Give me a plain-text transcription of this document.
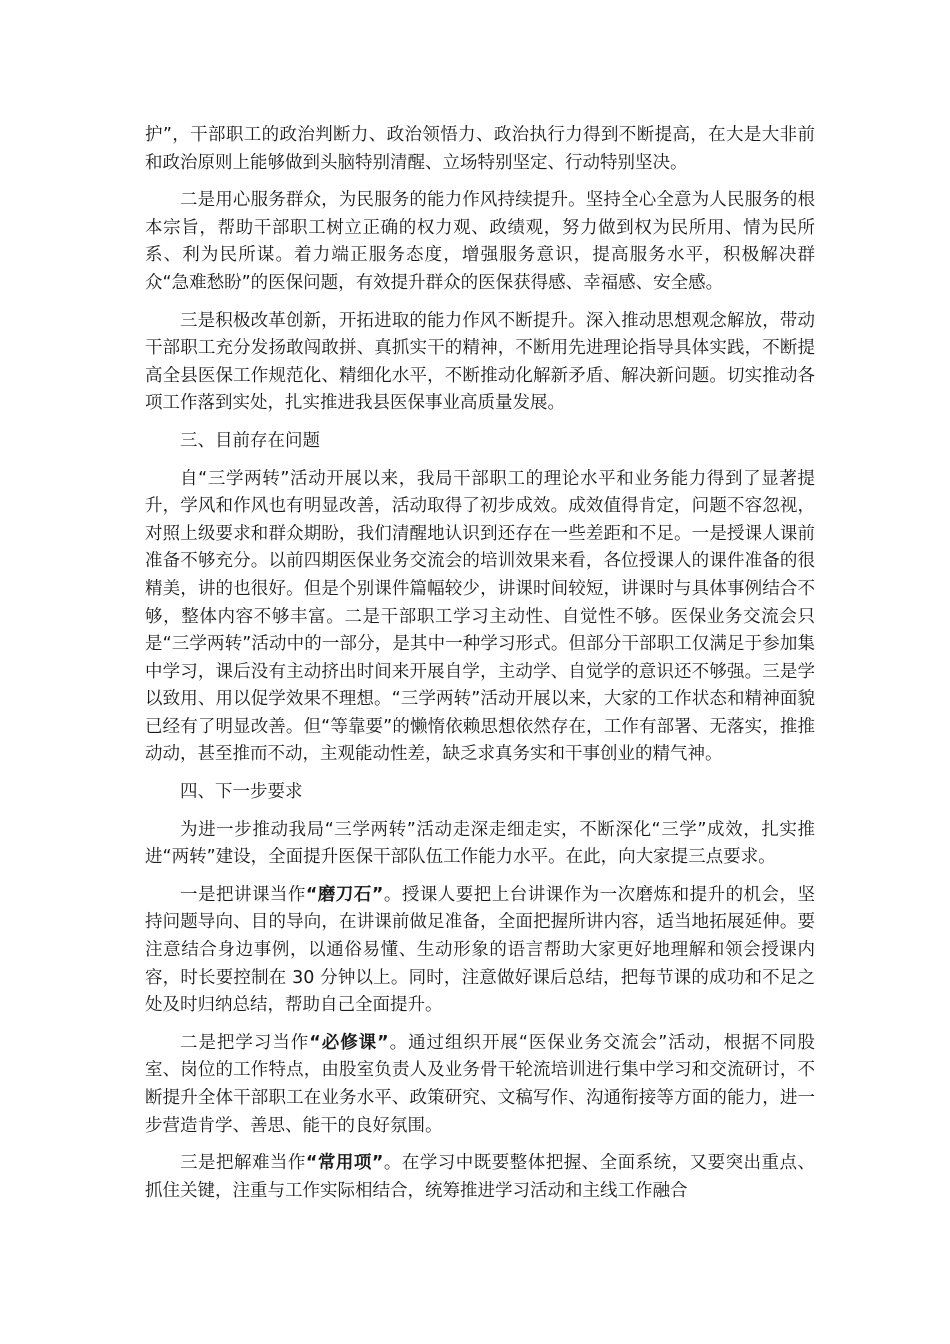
护”，干部职工的政治判断力、政治领悟力、政治执行力得到不断提高，在大是大非前和政治原则上能够做到头脑特别清醒、立场特别坚定、行动特别坚决。

二是用心服务群众，为民服务的能力作风持续提升。坚持全心全意为人民服务的根本宗旨，帮助干部职工树立正确的权力观、政绩观，努力做到权为民所用、情为民所系、利为民所谋。着力端正服务态度，增强服务意识，提高服务水平，积极解决群众“急难愁盼”的医保问题，有效提升群众的医保获得感、幸福感、安全感。

三是积极改革创新，开拓进取的能力作风不断提升。深入推动思想观念解放，带动干部职工充分发扬敢闯敢拼、真抓实干的精神，不断用先进理论指导具体实践，不断提高全县医保工作规范化、精细化水平，不断推动化解新矛盾、解决新问题。切实推动各项工作落到实处，扎实推进我县医保事业高质量发展。

三、目前存在问题

自“三学两转”活动开展以来，我局干部职工的理论水平和业务能力得到了显著提升，学风和作风也有明显改善，活动取得了初步成效。成效值得肯定，问题不容忽视，对照上级要求和群众期盼，我们清醒地认识到还存在一些差距和不足。一是授课人课前准备不够充分。以前四期医保业务交流会的培训效果来看，各位授课人的课件准备的很精美，讲的也很好。但是个别课件篇幅较少，讲课时间较短，讲课时与具体事例结合不够，整体内容不够丰富。二是干部职工学习主动性、自觉性不够。医保业务交流会只是“三学两转”活动中的一部分，是其中一种学习形式。但部分干部职工仅满足于参加集中学习，课后没有主动挤出时间来开展自学，主动学、自觉学的意识还不够强。三是学以致用、用以促学效果不理想。“三学两转”活动开展以来，大家的工作状态和精神面貌已经有了明显改善。但“等靠要”的懒惰依赖思想依然存在，工作有部署、无落实，推推动动，甚至推而不动，主观能动性差，缺乏求真务实和干事创业的精气神。

四、下一步要求

为进一步推动我局“三学两转”活动走深走细走实，不断深化“三学”成效，扎实推进“两转”建设，全面提升医保干部队伍工作能力水平。在此，向大家提三点要求。

一是把讲课当作“磨刀石”。授课人要把上台讲课作为一次磨炼和提升的机会，坚持问题导向、目的导向，在讲课前做足准备，全面把握所讲内容，适当地拓展延伸。要注意结合身边事例，以通俗易懂、生动形象的语言帮助大家更好地理解和领会授课内容，时长要控制在 30 分钟以上。同时，注意做好课后总结，把每节课的成功和不足之处及时归纳总结，帮助自己全面提升。

二是把学习当作“必修课”。通过组织开展“医保业务交流会”活动，根据不同股室、岗位的工作特点，由股室负责人及业务骨干轮流培训进行集中学习和交流研讨，不断提升全体干部职工在业务水平、政策研究、文稿写作、沟通衔接等方面的能力，进一步营造肯学、善思、能干的良好氛围。

三是把解难当作“常用项”。在学习中既要整体把握、全面系统，又要突出重点、抓住关键，注重与工作实际相结合，统筹推进学习活动和主线工作融合
